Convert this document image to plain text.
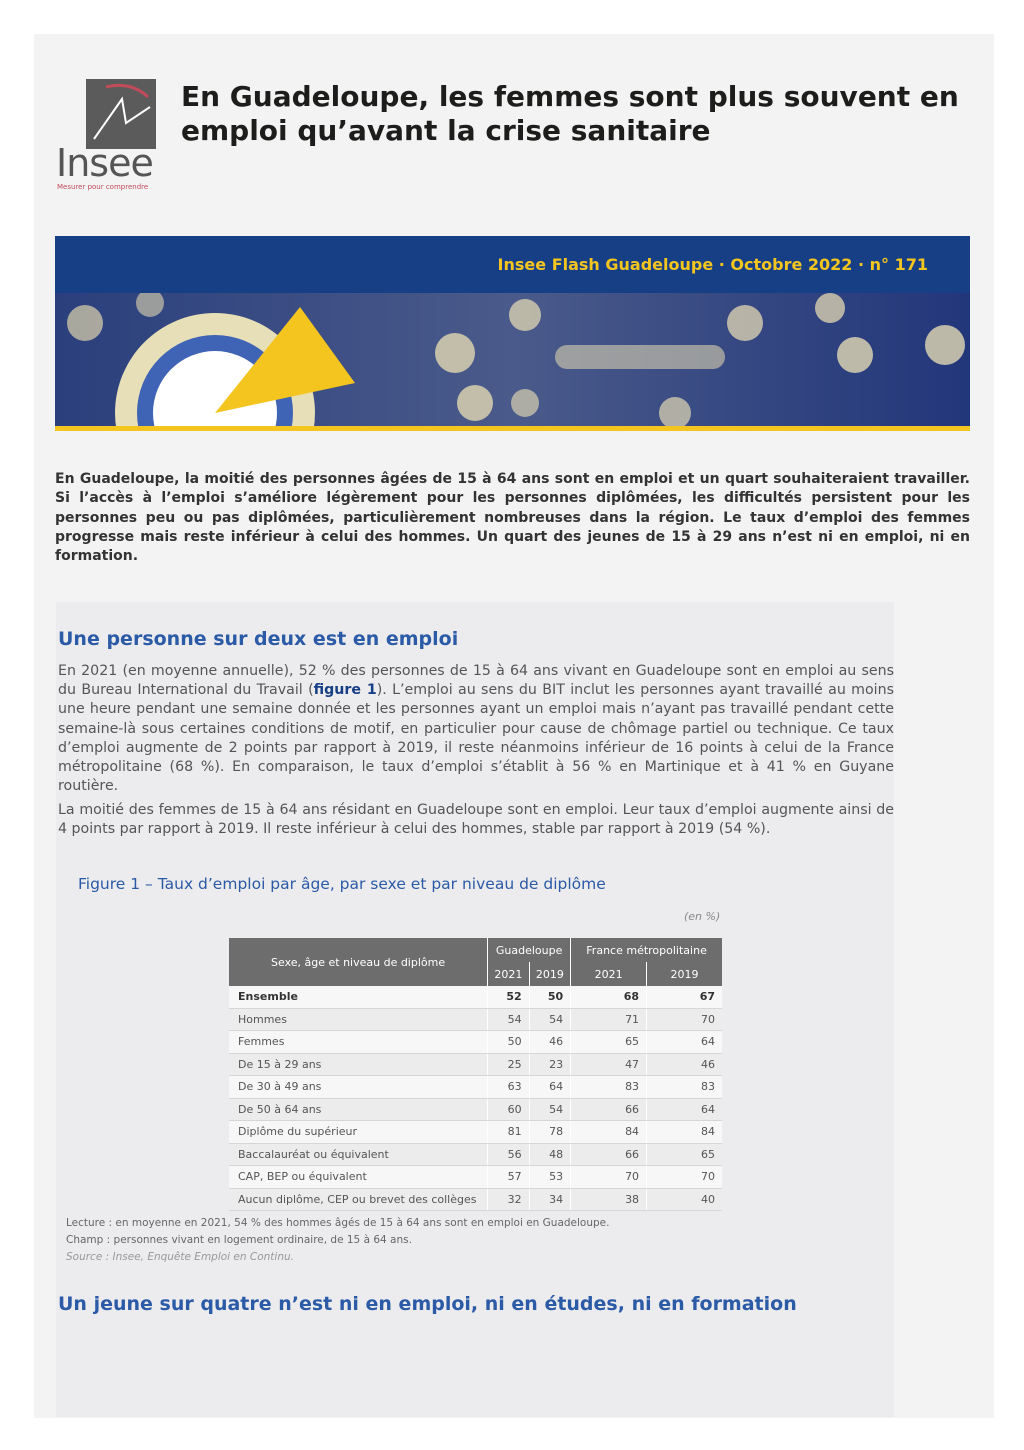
Insee
Mesurer pour comprendre
En Guadeloupe, les femmes sont plus souvent en emploi qu’avant la crise sanitaire
Insee Flash Guadeloupe · Octobre 2022 · n° 171

En Guadeloupe, la moitié des personnes âgées de 15 à 64 ans sont en emploi et un quart souhaiteraient travailler. Si l’accès à l’emploi s’améliore légèrement pour les personnes diplômées, les difficultés persistent pour les personnes peu ou pas diplômées, particulièrement nombreuses dans la région. Le taux d’emploi des femmes progresse mais reste inférieur à celui des hommes. Un quart des jeunes de 15 à 29 ans n’est ni en emploi, ni en formation.

Une personne sur deux est en emploi

En 2021 (en moyenne annuelle), 52 % des personnes de 15 à 64 ans vivant en Guadeloupe sont en emploi au sens du Bureau International du Travail (figure 1). L’emploi au sens du BIT inclut les personnes ayant travaillé au moins une heure pendant une semaine donnée et les personnes ayant un emploi mais n’ayant pas travaillé pendant cette semaine-là sous certaines conditions de motif, en particulier pour cause de chômage partiel ou technique. Ce taux d’emploi augmente de 2 points par rapport à 2019, il reste néanmoins inférieur de 16 points à celui de la France métropolitaine (68 %). En comparaison, le taux d’emploi s’établit à 56 % en Martinique et à 41 % en Guyane routière.

La moitié des femmes de 15 à 64 ans résidant en Guadeloupe sont en emploi. Leur taux d’emploi augmente ainsi de 4 points par rapport à 2019. Il reste inférieur à celui des hommes, stable par rapport à 2019 (54 %).

Figure 1 – Taux d’emploi par âge, par sexe et par niveau de diplôme

(en %)
Sexe, âge et niveau de diplôme	Guadeloupe		France métropolitaine	
	2021	2019	2021	2019
Ensemble	52	50	68	67
Hommes	54	54	71	70
Femmes	50	46	65	64
De 15 à 29 ans	25	23	47	46
De 30 à 49 ans	63	64	83	83
De 50 à 64 ans	60	54	66	64
Diplôme du supérieur	81	78	84	84
Baccalauréat ou équivalent	56	48	66	65
CAP, BEP ou équivalent	57	53	70	70
Aucun diplôme, CEP ou brevet des collèges	32	34	38	40
Lecture : en moyenne en 2021, 54 % des hommes âgés de 15 à 64 ans sont en emploi en Guadeloupe.
Champ : personnes vivant en logement ordinaire, de 15 à 64 ans.
Source : Insee, Enquête Emploi en Continu.
Un jeune sur quatre n’est ni en emploi, ni en études, ni en formation
